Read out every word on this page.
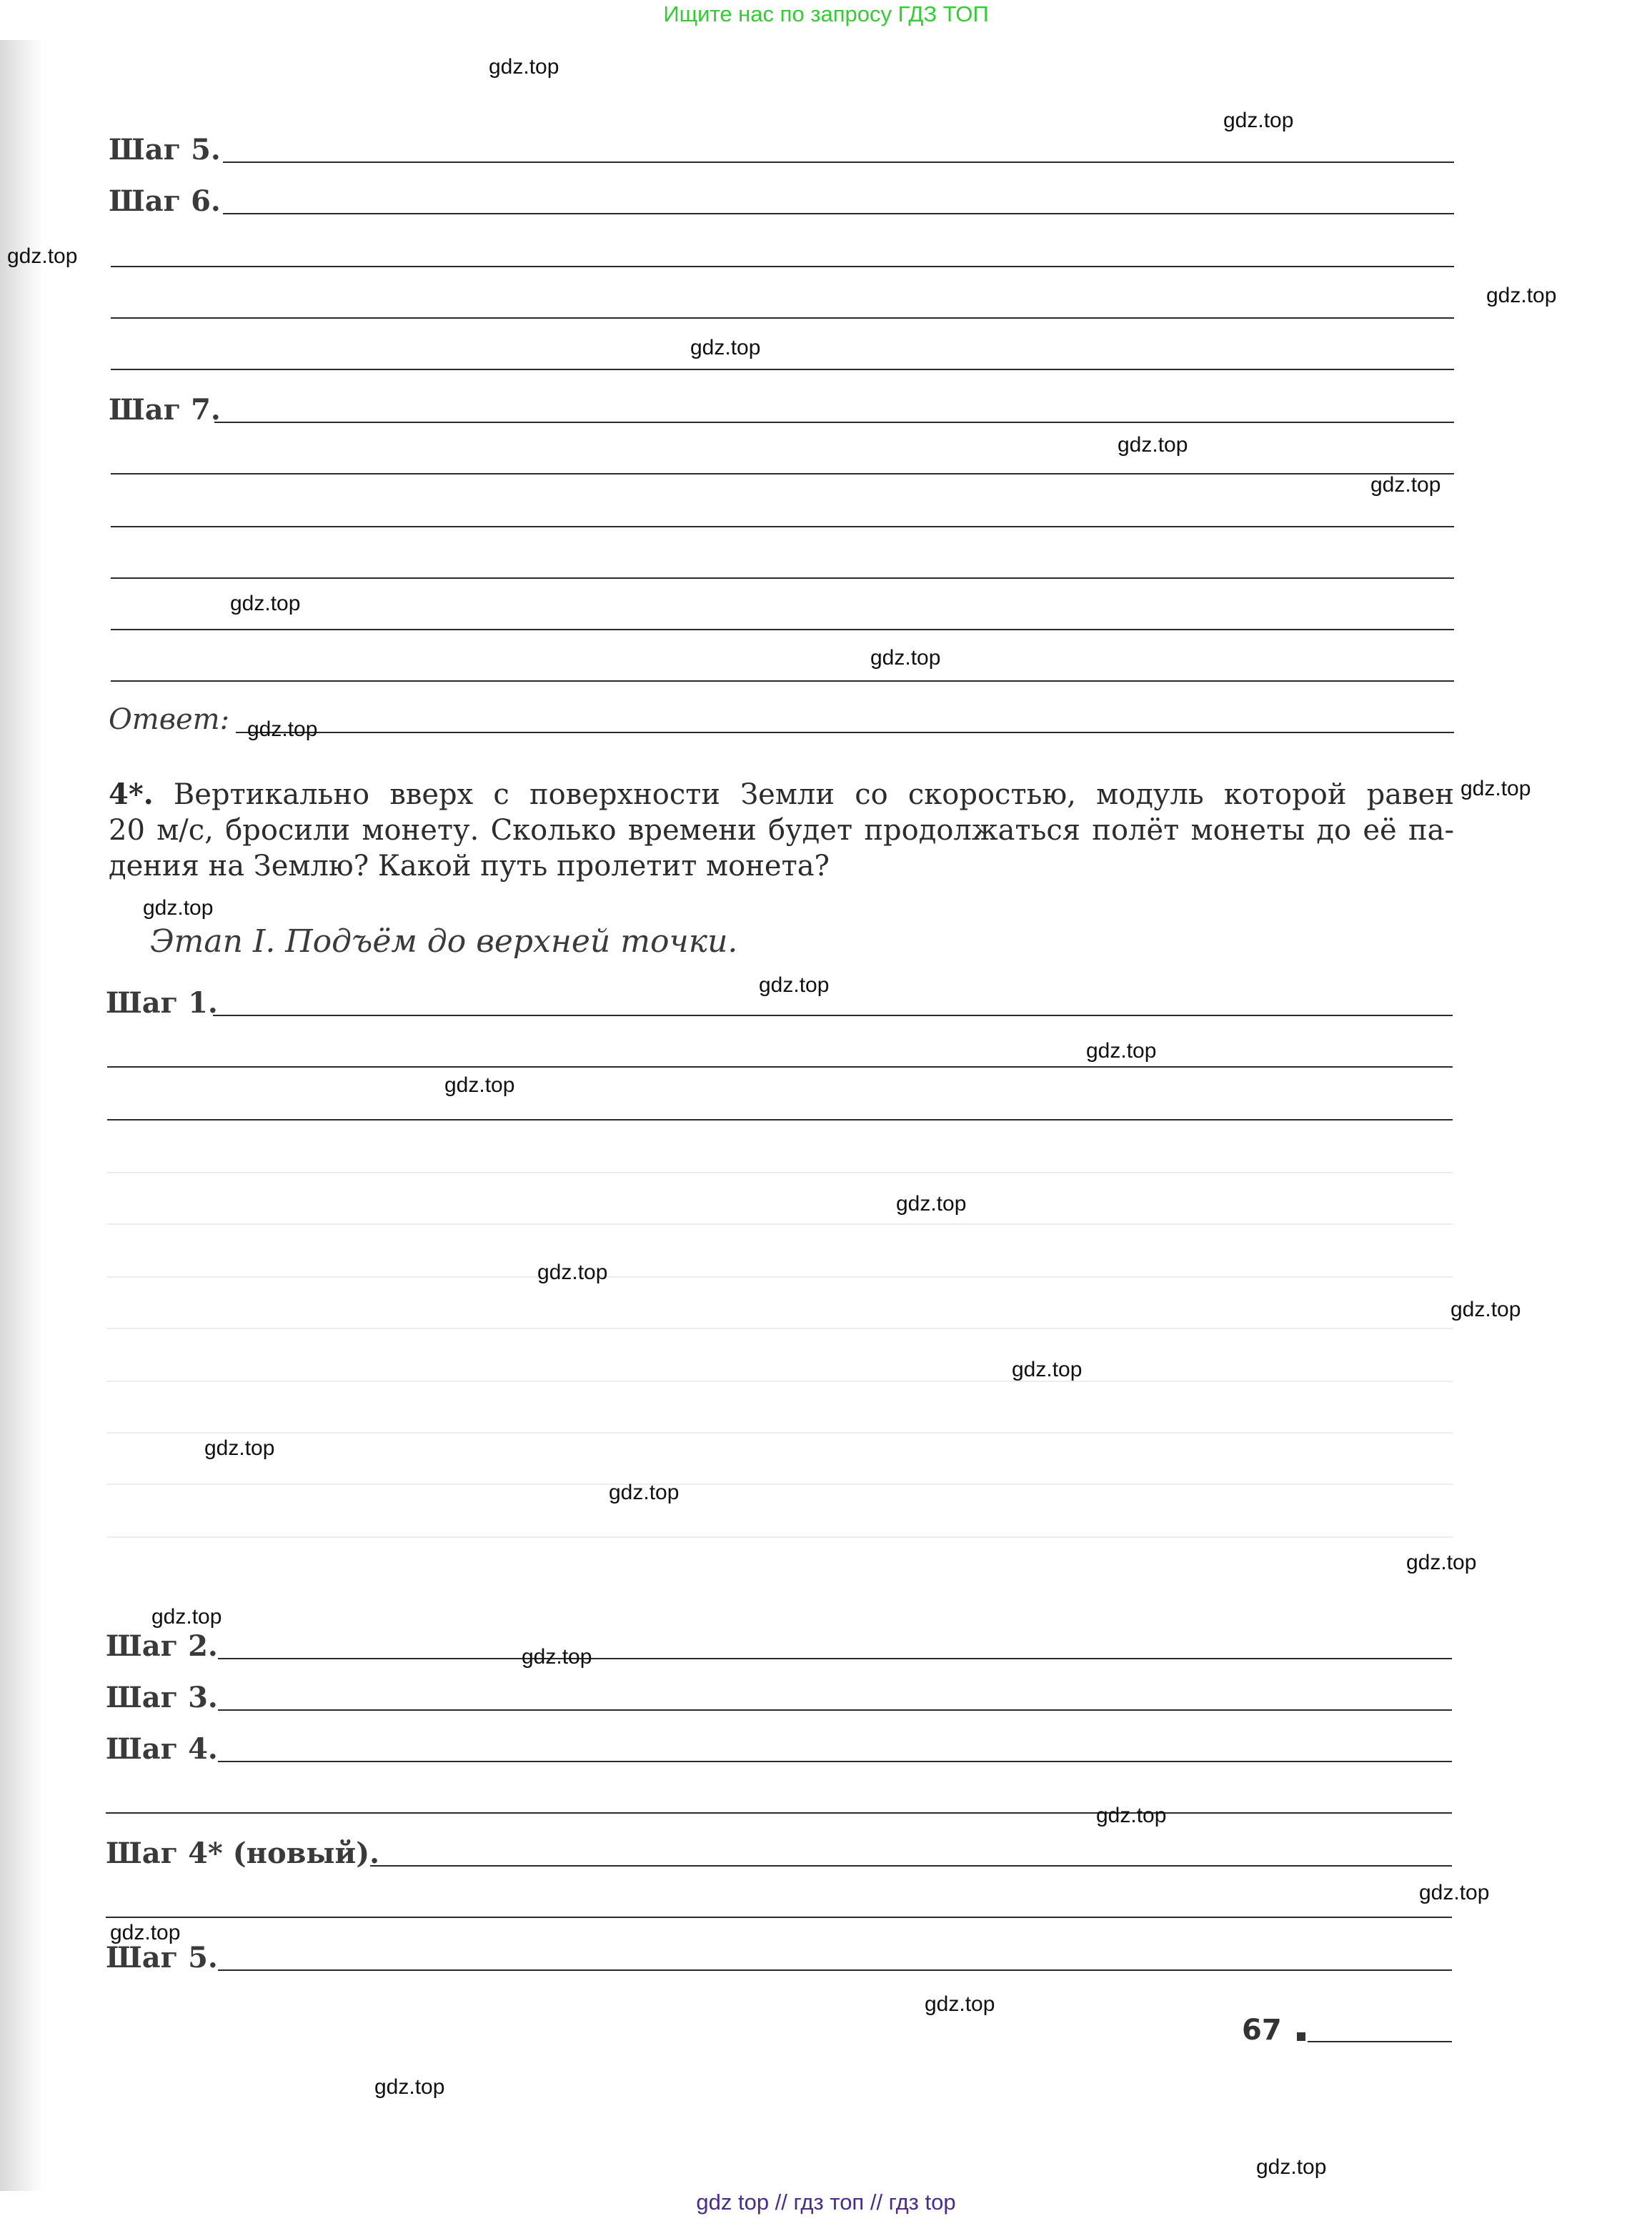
Ищите нас по запросу ГДЗ ТОП
Шаг 5.
Шаг 6.
Шаг 7.
Ответ:
4*. Вертикально вверх с поверхности Земли со скоростью, модуль которой равен
20 м/с, бросили монету. Сколько времени будет продолжаться полёт монеты до её па-
дения на Землю? Какой путь пролетит монета?
Этап I. Подъём до верхней точки.
Шаг 1.
Шаг 2.
Шаг 3.
Шаг 4.
Шаг 4* (новый).
Шаг 5.
67
gdz.top
gdz.top
gdz.top
gdz.top
gdz.top
gdz.top
gdz.top
gdz.top
gdz.top
gdz.top
gdz.top
gdz.top
gdz.top
gdz.top
gdz.top
gdz.top
gdz.top
gdz.top
gdz.top
gdz.top
gdz.top
gdz.top
gdz.top
gdz.top
gdz.top
gdz.top
gdz.top
gdz.top
gdz.top
gdz.top
gdz top // гдз топ // гдз top
